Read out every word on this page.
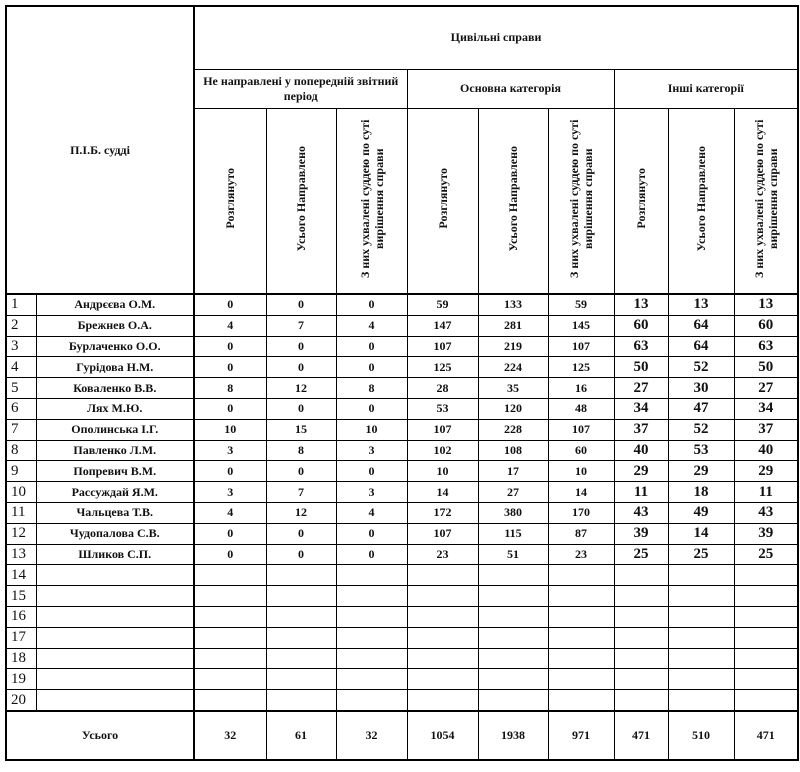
П.І.Б. судді		Цивільні справи								
		Не направлені у попередній звітний період			Основна категорія			Інші категорії		
		Розглянуто	Усього Направлено	З них ухвалені суддею по суті вирішення справи	Розглянуто	Усього Направлено	З них ухвалені суддею по суті вирішення справи	Розглянуто	Усього Направлено	З них ухвалені суддею по суті вирішення справи
1	Андрєєва О.М.	0	0	0	59	133	59	13	13	13
2	Брежнев О.А.	4	7	4	147	281	145	60	64	60
3	Бурлаченко О.О.	0	0	0	107	219	107	63	64	63
4	Гурідова Н.М.	0	0	0	125	224	125	50	52	50
5	Коваленко В.В.	8	12	8	28	35	16	27	30	27
6	Лях М.Ю.	0	0	0	53	120	48	34	47	34
7	Ополинська І.Г.	10	15	10	107	228	107	37	52	37
8	Павленко Л.М.	3	8	3	102	108	60	40	53	40
9	Попревич В.М.	0	0	0	10	17	10	29	29	29
10	Рассуждай Я.М.	3	7	3	14	27	14	11	18	11
11	Чальцева Т.В.	4	12	4	172	380	170	43	49	43
12	Чудопалова С.В.	0	0	0	107	115	87	39	14	39
13	Шликов С.П.	0	0	0	23	51	23	25	25	25
14										
15										
16										
17										
18										
19										
20										
Усього		32	61	32	1054	1938	971	471	510	471
